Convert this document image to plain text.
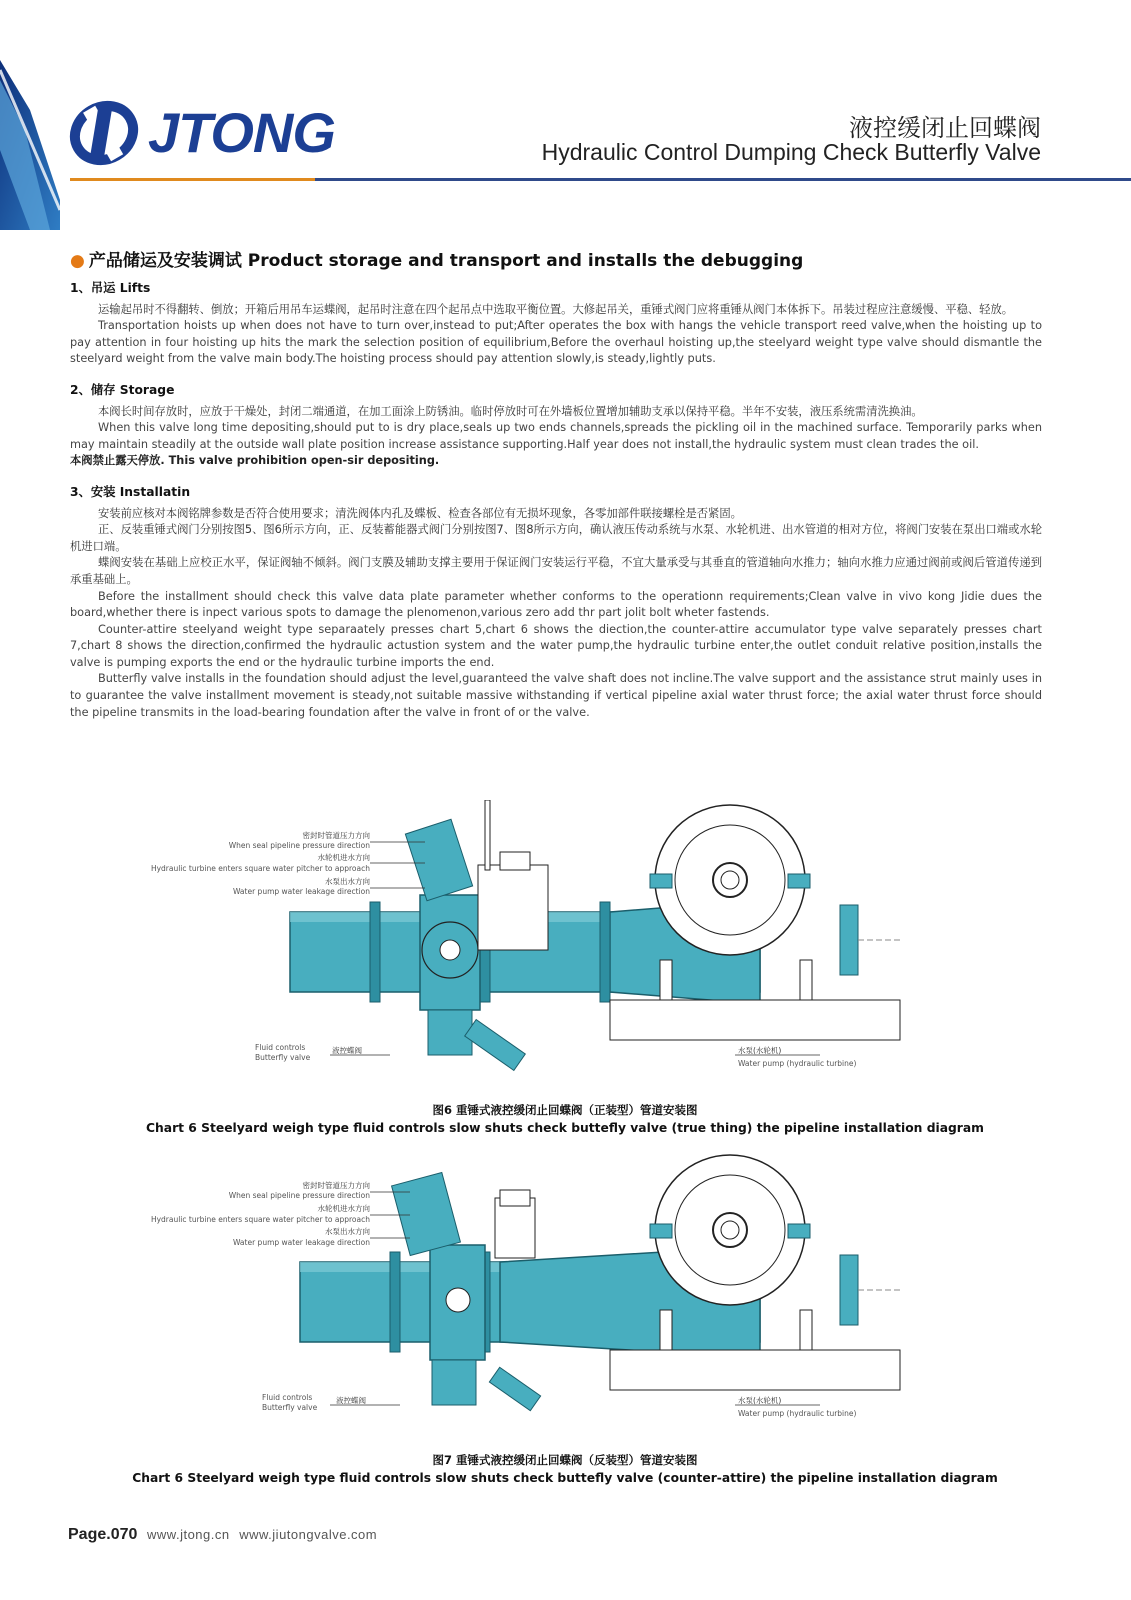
JTONG	液控缓闭止回蝶阀
Hydraulic Control Dumping Check Butterfly Valve
● 产品储运及安装调试 Product storage and transport and installs the debugging
1、吊运 Lifts

运输起吊时不得翻转、倒放；开箱后用吊车运蝶阀，起吊时注意在四个起吊点中选取平衡位置。大修起吊关，重锤式阀门应将重锤从阀门本体拆下。吊装过程应注意缓慢、平稳、轻放。

Transportation hoists up when does not have to turn over,instead to put;After operates the box with hangs the vehicle transport reed valve,when the hoisting up to pay attention in four hoisting up hits the mark the selection position of equilibrium,Before the overhaul hoisting up,the steelyard weight type valve should dismantle the steelyard weight from the valve main body.The hoisting process should pay attention slowly,is steady,lightly puts.

2、储存 Storage

本阀长时间存放时，应放于干燥处，封闭二端通道，在加工面涂上防锈油。临时停放时可在外墙板位置增加辅助支承以保持平稳。半年不安装，液压系统需清洗换油。

When this valve long time depositing,should put to is dry place,seals up two ends channels,spreads the pickling oil in the machined surface. Temporarily parks when may maintain steadily at the outside wall plate position increase assistance supporting.Half year does not install,the hydraulic system must clean trades the oil.

本阀禁止露天停放. This valve prohibition open-sir depositing.

3、安装 Installatin

安装前应核对本阀铭牌参数是否符合使用要求；清洗阀体内孔及蝶板、检查各部位有无损坏现象，各零加部件联接螺栓是否紧固。

正、反装重锤式阀门分别按图5、图6所示方向，正、反装蓄能器式阀门分别按图7、图8所示方向，确认液压传动系统与水泵、水轮机进、出水管道的相对方位，将阀门安装在泵出口端或水轮机进口端。

蝶阀安装在基础上应校正水平，保证阀轴不倾斜。阀门支膜及辅助支撑主要用于保证阀门安装运行平稳，不宜大量承受与其垂直的管道轴向水推力；轴向水推力应通过阀前或阀后管道传递到承重基础上。

Before the installment should check this valve data plate parameter whether conforms to the operationn requirements;Clean valve in vivo kong Jidie dues the board,whether there is inpect various spots to damage the plenomenon,various zero add thr part jolit bolt wheter fastends.

Counter-attire steelyand weight type separaately presses chart 5,chart 6 shows the diection,the counter-attire accumulator type valve separately presses chart 7,chart 8 shows the direction,confirmed the hydraulic actustion system and the water pump,the hydraulic turbine enter,the outlet conduit relative position,installs the valve is pumping exports the end or the hydraulic turbine imports the end.

Butterfly valve installs in the foundation should adjust the level,guaranteed the valve shaft does not incline.The valve support and the assistance strut mainly uses in to guarantee the valve installment movement is steady,not suitable massive withstanding if vertical pipeline axial water thrust force; the axial water thrust force should the pipeline transmits in the load-bearing foundation after the valve in front of or the valve.

密封时管道压力方向
When seal pipeline pressure direction
水轮机进水方向
Hydraulic turbine enters square water pitcher to approach
水泵出水方向
Water pump water leakage direction
Fluid controls
Butterfly valve
液控蝶阀	水泵(水轮机)
Water pump (hydraulic turbine)
图6 重锤式液控缓闭止回蝶阀（正装型）管道安装图
Chart 6 Steelyard weigh type fluid controls slow shuts check buttefly valve (true thing) the pipeline installation diagram
密封时管道压力方向
When seal pipeline pressure direction
水轮机进水方向
Hydraulic turbine enters square water pitcher to approach
水泵出水方向
Water pump water leakage direction
Fluid controls
Butterfly valve
液控蝶阀	水泵(水轮机)
Water pump (hydraulic turbine)
图7 重锤式液控缓闭止回蝶阀（反装型）管道安装图
Chart 6 Steelyard weigh type fluid controls slow shuts check buttefly valve (counter-attire) the pipeline installation diagram
Page.070 www.jtong.cn www.jiutongvalve.com
